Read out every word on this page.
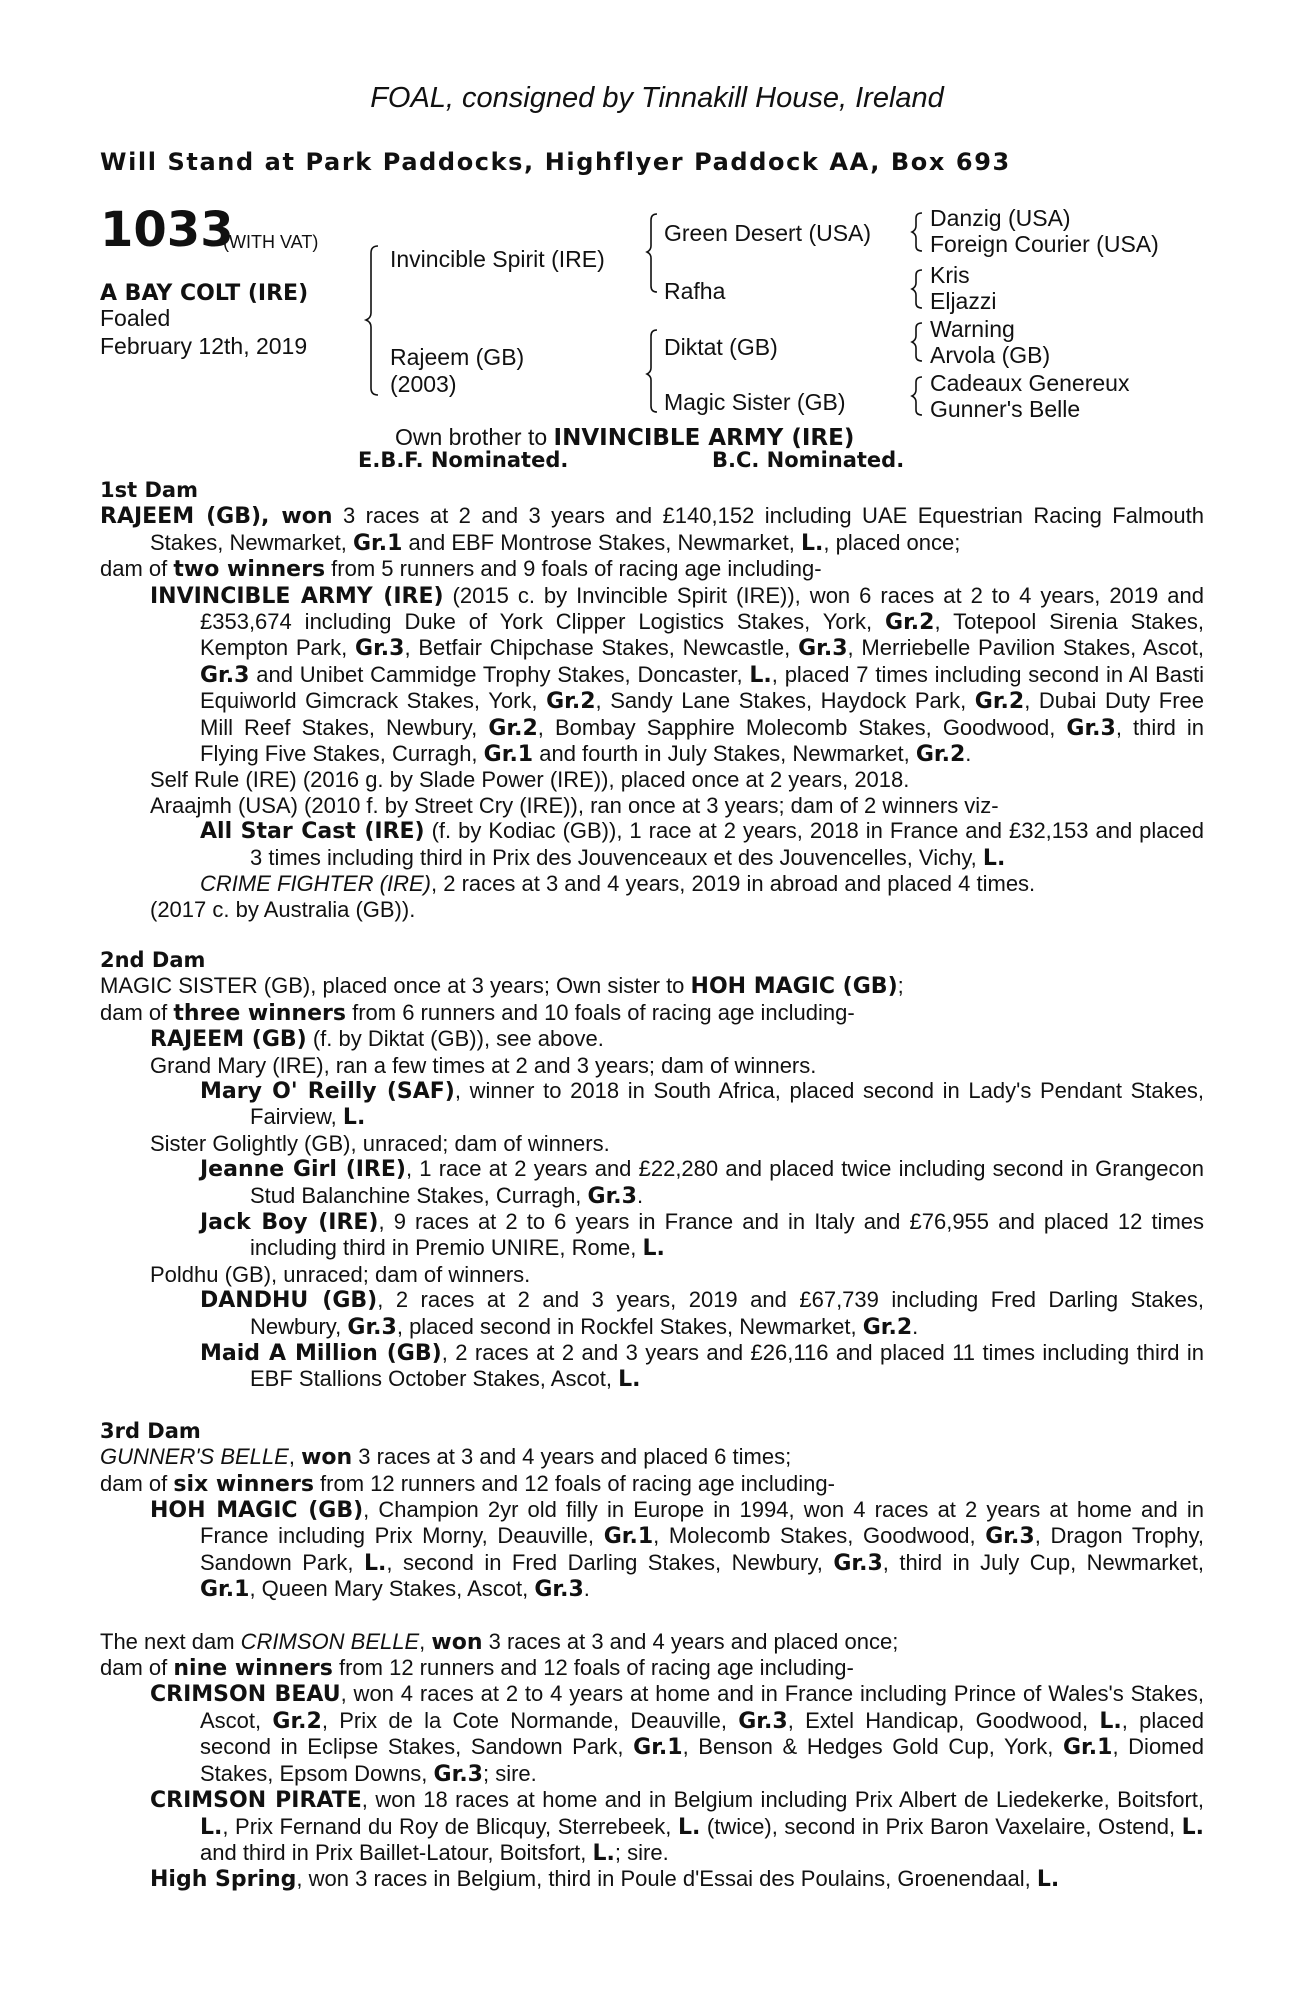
FOAL, consigned by Tinnakill House, Ireland
Will Stand at Park Paddocks, Highflyer Paddock AA, Box 693
1033
(WITH VAT)
A BAY COLT (IRE)
Foaled
February 12th, 2019
Invincible Spirit (IRE)
Rajeem (GB)
(2003)
Green Desert (USA)
Rafha
Diktat (GB)
Magic Sister (GB)
Danzig (USA)
Foreign Courier (USA)
Kris
Eljazzi
Warning
Arvola (GB)
Cadeaux Genereux
Gunner's Belle
Own brother to INVINCIBLE ARMY (IRE)
E.B.F. Nominated.	B.C. Nominated.
1st Dam
RAJEEM (GB), won 3 races at 2 and 3 years and £140,152 including UAE Equestrian Racing Falmouth Stakes, Newmarket, Gr.1 and EBF Montrose Stakes, Newmarket, L., placed once;
dam of two winners from 5 runners and 9 foals of racing age including-
INVINCIBLE ARMY (IRE) (2015 c. by Invincible Spirit (IRE)), won 6 races at 2 to 4 years, 2019 and £353,674 including Duke of York Clipper Logistics Stakes, York, Gr.2, Totepool Sirenia Stakes, Kempton Park, Gr.3, Betfair Chipchase Stakes, Newcastle, Gr.3, Merriebelle Pavilion Stakes, Ascot, Gr.3 and Unibet Cammidge Trophy Stakes, Doncaster, L., placed 7 times including second in Al Basti Equiworld Gimcrack Stakes, York, Gr.2, Sandy Lane Stakes, Haydock Park, Gr.2, Dubai Duty Free Mill Reef Stakes, Newbury, Gr.2, Bombay Sapphire Molecomb Stakes, Goodwood, Gr.3, third in Flying Five Stakes, Curragh, Gr.1 and fourth in July Stakes, Newmarket, Gr.2.
Self Rule (IRE) (2016 g. by Slade Power (IRE)), placed once at 2 years, 2018.
Araajmh (USA) (2010 f. by Street Cry (IRE)), ran once at 3 years; dam of 2 winners viz-
All Star Cast (IRE) (f. by Kodiac (GB)), 1 race at 2 years, 2018 in France and £32,153 and placed 3 times including third in Prix des Jouvenceaux et des Jouvencelles, Vichy, L.
CRIME FIGHTER (IRE), 2 races at 3 and 4 years, 2019 in abroad and placed 4 times.
(2017 c. by Australia (GB)).
2nd Dam
MAGIC SISTER (GB), placed once at 3 years; Own sister to HOH MAGIC (GB);
dam of three winners from 6 runners and 10 foals of racing age including-
RAJEEM (GB) (f. by Diktat (GB)), see above.
Grand Mary (IRE), ran a few times at 2 and 3 years; dam of winners.
Mary O' Reilly (SAF), winner to 2018 in South Africa, placed second in Lady's Pendant Stakes, Fairview, L.
Sister Golightly (GB), unraced; dam of winners.
Jeanne Girl (IRE), 1 race at 2 years and £22,280 and placed twice including second in Grangecon Stud Balanchine Stakes, Curragh, Gr.3.
Jack Boy (IRE), 9 races at 2 to 6 years in France and in Italy and £76,955 and placed 12 times including third in Premio UNIRE, Rome, L.
Poldhu (GB), unraced; dam of winners.
DANDHU (GB), 2 races at 2 and 3 years, 2019 and £67,739 including Fred Darling Stakes, Newbury, Gr.3, placed second in Rockfel Stakes, Newmarket, Gr.2.
Maid A Million (GB), 2 races at 2 and 3 years and £26,116 and placed 11 times including third in EBF Stallions October Stakes, Ascot, L.
3rd Dam
GUNNER'S BELLE, won 3 races at 3 and 4 years and placed 6 times;
dam of six winners from 12 runners and 12 foals of racing age including-
HOH MAGIC (GB), Champion 2yr old filly in Europe in 1994, won 4 races at 2 years at home and in France including Prix Morny, Deauville, Gr.1, Molecomb Stakes, Goodwood, Gr.3, Dragon Trophy, Sandown Park, L., second in Fred Darling Stakes, Newbury, Gr.3, third in July Cup, Newmarket, Gr.1, Queen Mary Stakes, Ascot, Gr.3.
The next dam CRIMSON BELLE, won 3 races at 3 and 4 years and placed once;
dam of nine winners from 12 runners and 12 foals of racing age including-
CRIMSON BEAU, won 4 races at 2 to 4 years at home and in France including Prince of Wales's Stakes, Ascot, Gr.2, Prix de la Cote Normande, Deauville, Gr.3, Extel Handicap, Goodwood, L., placed second in Eclipse Stakes, Sandown Park, Gr.1, Benson & Hedges Gold Cup, York, Gr.1, Diomed Stakes, Epsom Downs, Gr.3; sire.
CRIMSON PIRATE, won 18 races at home and in Belgium including Prix Albert de Liedekerke, Boitsfort, L., Prix Fernand du Roy de Blicquy, Sterrebeek, L. (twice), second in Prix Baron Vaxelaire, Ostend, L. and third in Prix Baillet-Latour, Boitsfort, L.; sire.
High Spring, won 3 races in Belgium, third in Poule d'Essai des Poulains, Groenendaal, L.
